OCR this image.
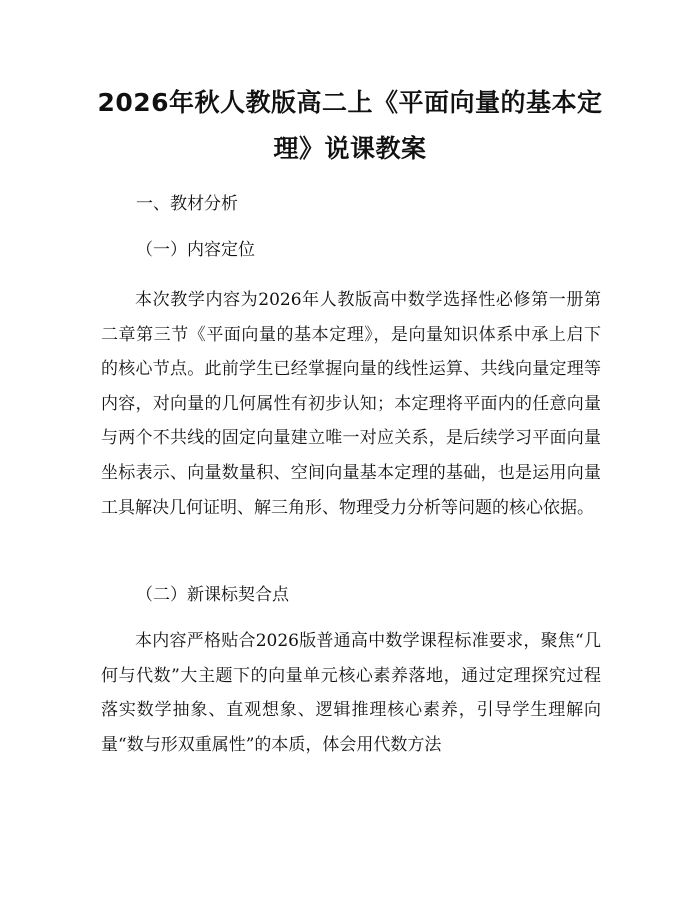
2026年秋人教版高二上《平面向量的基本定
理》说课教案

一、教材分析

（一）内容定位

本次教学内容为2026年人教版高中数学选择性必修第一册第二章第三节《平面向量的基本定理》，是向量知识体系中承上启下的核心节点。此前学生已经掌握向量的线性运算、共线向量定理等内容，对向量的几何属性有初步认知；本定理将平面内的任意向量与两个不共线的固定向量建立唯一对应关系，是后续学习平面向量坐标表示、向量数量积、空间向量基本定理的基础，也是运用向量工具解决几何证明、解三角形、物理受力分析等问题的核心依据。

（二）新课标契合点

本内容严格贴合2026版普通高中数学课程标准要求，聚焦“几何与代数”大主题下的向量单元核心素养落地，通过定理探究过程落实数学抽象、直观想象、逻辑推理核心素养，引导学生理解向量“数与形双重属性”的本质，体会用代数方法
